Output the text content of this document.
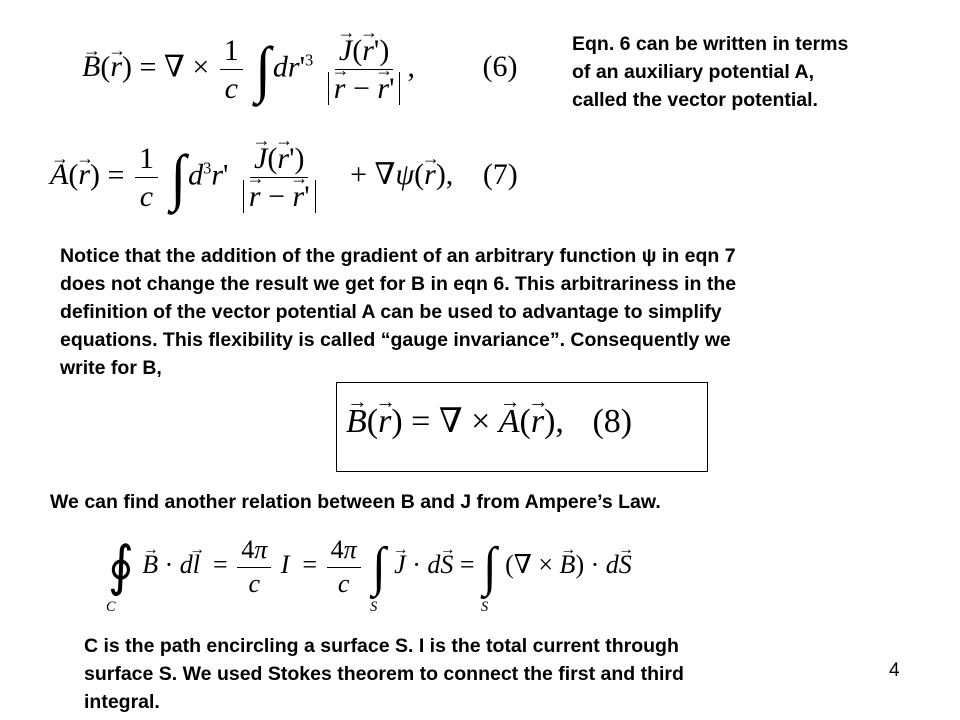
→ B(→ r) = ∇ × $\frac{1}{c} \int dr'^3$
→ J(→ r')
→ r − → r' , (6)
Eqn. 6 can be written in terms
of an auxiliary potential A,
called the vector potential.
→ $A(\to r) = \frac{1}{c} \int d^3r'$
→ J(→ r')
→ r − → r' + ∇ψ(→ r), (7)
Notice that the addition of the gradient of an arbitrary function ψ in eqn 7
does not change the result we get for B in eqn 6. This arbitrariness in the
definition of the vector potential A can be used to advantage to simplify
equations. This flexibility is called “gauge invariance”. Consequently we
write for B,
→ B(→ r) = ∇ × → A(→ r), (8)
We can find another relation between B and J from Ampere’s Law.
∮
C
→ $B \cdot d\to l = \frac{4\pi}{c}$ $I = \frac{4\pi}{c}$ ∫
S
→ J · d→ S = ∫
S
(∇ × → B) · d→ S
C is the path encircling a surface S. I is the total current through
surface S. We used Stokes theorem to connect the first and third
integral.
4
